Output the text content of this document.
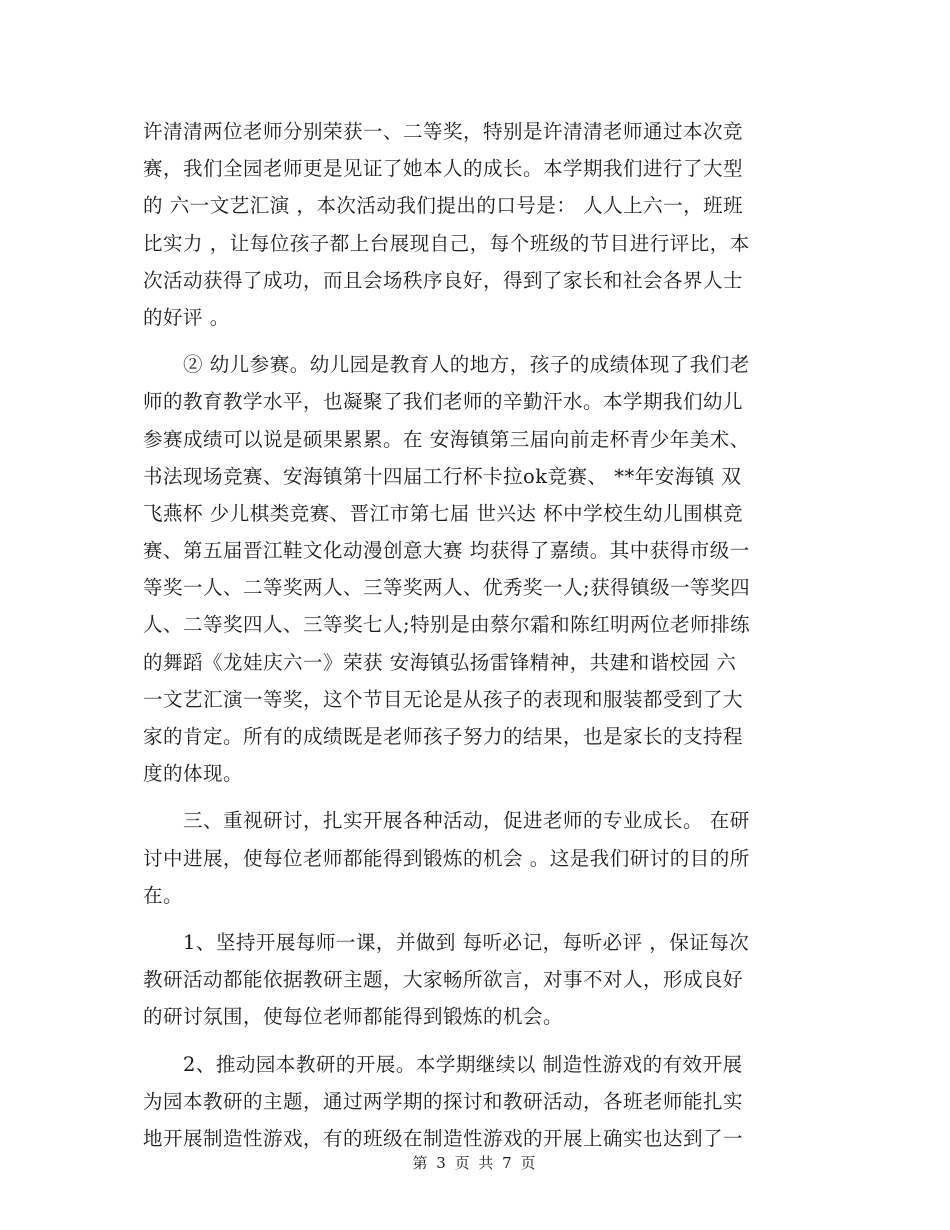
许清清两位老师分别荣获一、二等奖，特别是许清清老师通过本次竞
赛，我们全园老师更是见证了她本人的成长。本学期我们进行了大型
的 六一文艺汇演 ，本次活动我们提出的口号是： 人人上六一，班班
比实力 ，让每位孩子都上台展现自己，每个班级的节目进行评比，本
次活动获得了成功，而且会场秩序良好，得到了家长和社会各界人士
的好评 。
　　② 幼儿参赛。幼儿园是教育人的地方，孩子的成绩体现了我们老
师的教育教学水平，也凝聚了我们老师的辛勤汗水。本学期我们幼儿
参赛成绩可以说是硕果累累。在 安海镇第三届向前走杯青少年美术、
书法现场竞赛、安海镇第十四届工行杯卡拉ok竞赛、 **年安海镇 双
飞燕杯 少儿棋类竞赛、晋江市第七届 世兴达 杯中学校生幼儿围棋竞
赛、第五届晋江鞋文化动漫创意大赛 均获得了嘉绩。其中获得市级一
等奖一人、二等奖两人、三等奖两人、优秀奖一人;获得镇级一等奖四
人、二等奖四人、三等奖七人;特别是由蔡尔霜和陈红明两位老师排练
的舞蹈《龙娃庆六一》荣获 安海镇弘扬雷锋精神，共建和谐校园 六
一文艺汇演一等奖，这个节目无论是从孩子的表现和服装都受到了大
家的肯定。所有的成绩既是老师孩子努力的结果，也是家长的支持程
度的体现。
　　三、重视研讨，扎实开展各种活动，促进老师的专业成长。 在研
讨中进展，使每位老师都能得到锻炼的机会 。这是我们研讨的目的所
在。
　　1、坚持开展每师一课，并做到 每听必记，每听必评 ，保证每次
教研活动都能依据教研主题，大家畅所欲言，对事不对人，形成良好
的研讨氛围，使每位老师都能得到锻炼的机会。
　　2、推动园本教研的开展。本学期继续以 制造性游戏的有效开展
为园本教研的主题，通过两学期的探讨和教研活动，各班老师能扎实
地开展制造性游戏，有的班级在制造性游戏的开展上确实也达到了一
第 3 页 共 7 页
